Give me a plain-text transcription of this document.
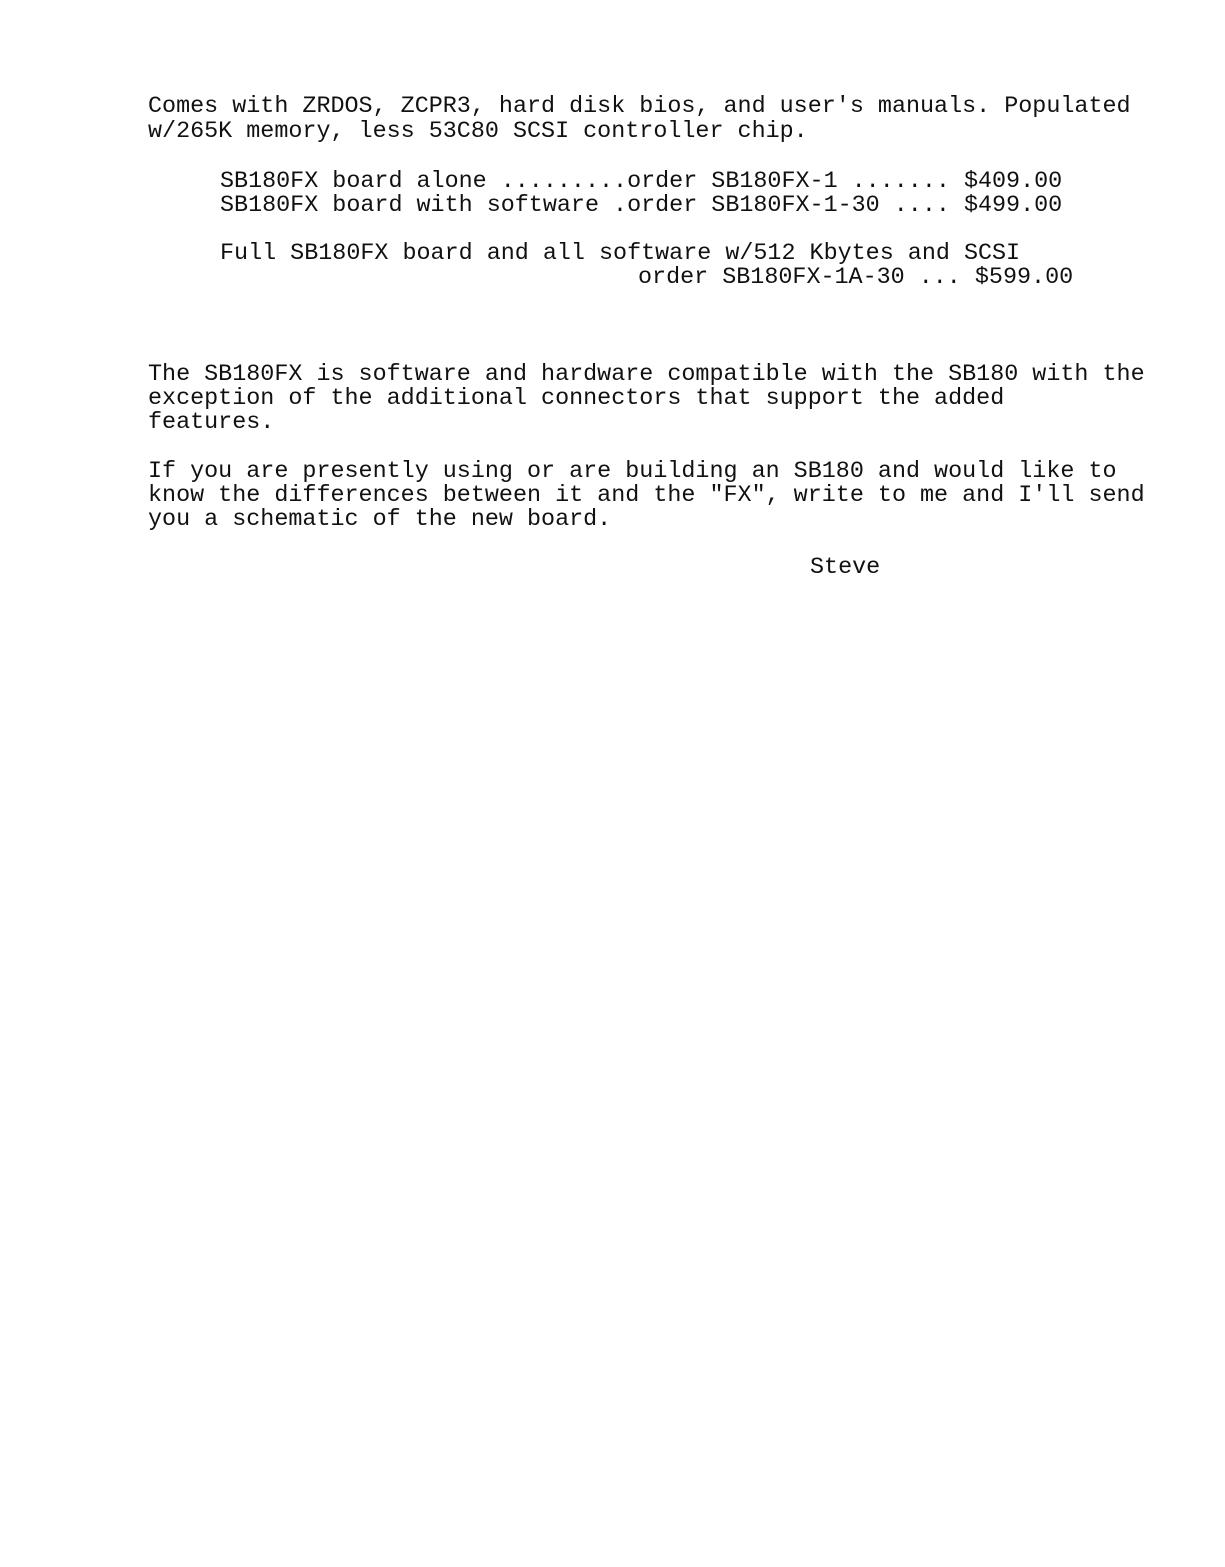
Comes with ZRDOS, ZCPR3, hard disk bios, and user's manuals. Populated
w/265K memory, less 53C80 SCSI controller chip.
SB180FX board alone .........order SB180FX-1 ....... $409.00
SB180FX board with software .order SB180FX-1-30 .... $499.00
Full SB180FX board and all software w/512 Kbytes and SCSI
order SB180FX-1A-30 ... $599.00
The SB180FX is software and hardware compatible with the SB180 with the
exception of the additional connectors that support the added
features.
If you are presently using or are building an SB180 and would like to
know the differences between it and the "FX", write to me and I'll send
you a schematic of the new board.
Steve
